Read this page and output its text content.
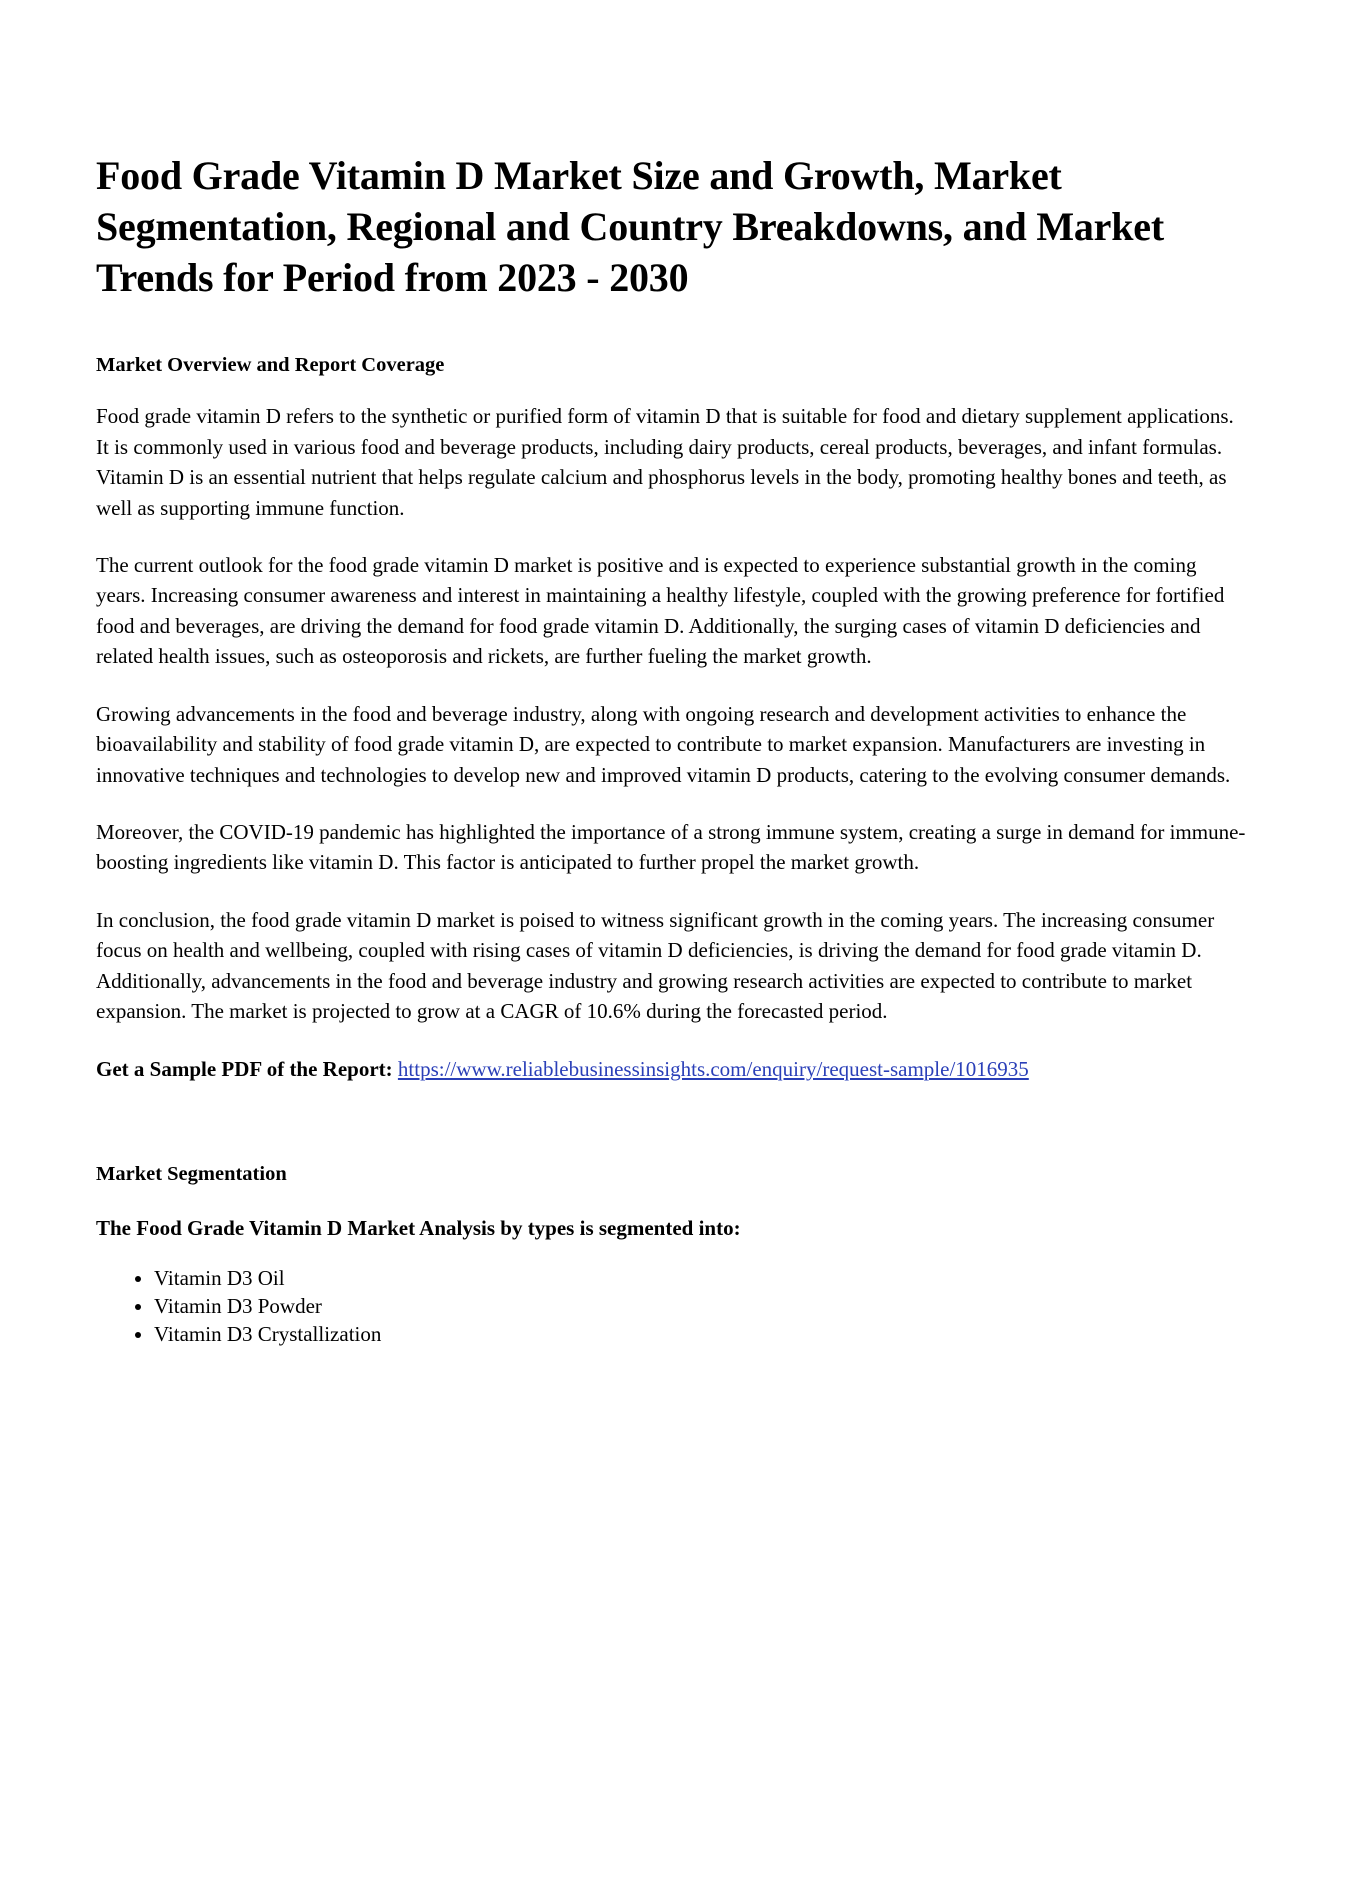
Food Grade Vitamin D Market Size and Growth, Market Segmentation, Regional and Country Breakdowns, and Market Trends for Period from 2023 - 2030
Market Overview and Report Coverage

Food grade vitamin D refers to the synthetic or purified form of vitamin D that is suitable for food and dietary supplement applications. It is commonly used in various food and beverage products, including dairy products, cereal products, beverages, and infant formulas. Vitamin D is an essential nutrient that helps regulate calcium and phosphorus levels in the body, promoting healthy bones and teeth, as well as supporting immune function.

The current outlook for the food grade vitamin D market is positive and is expected to experience substantial growth in the coming years. Increasing consumer awareness and interest in maintaining a healthy lifestyle, coupled with the growing preference for fortified food and beverages, are driving the demand for food grade vitamin D. Additionally, the surging cases of vitamin D deficiencies and related health issues, such as osteoporosis and rickets, are further fueling the market growth.

Growing advancements in the food and beverage industry, along with ongoing research and development activities to enhance the bioavailability and stability of food grade vitamin D, are expected to contribute to market expansion. Manufacturers are investing in innovative techniques and technologies to develop new and improved vitamin D products, catering to the evolving consumer demands.

Moreover, the COVID-19 pandemic has highlighted the importance of a strong immune system, creating a surge in demand for immune-boosting ingredients like vitamin D. This factor is anticipated to further propel the market growth.

In conclusion, the food grade vitamin D market is poised to witness significant growth in the coming years. The increasing consumer focus on health and wellbeing, coupled with rising cases of vitamin D deficiencies, is driving the demand for food grade vitamin D. Additionally, advancements in the food and beverage industry and growing research activities are expected to contribute to market expansion. The market is projected to grow at a CAGR of 10.6% during the forecasted period.

Get a Sample PDF of the Report: https://www.reliablebusinessinsights.com/enquiry/request-sample/1016935

Market Segmentation
The Food Grade Vitamin D Market Analysis by types is segmented into:
• Vitamin D3 Oil
• Vitamin D3 Powder
• Vitamin D3 Crystallization
